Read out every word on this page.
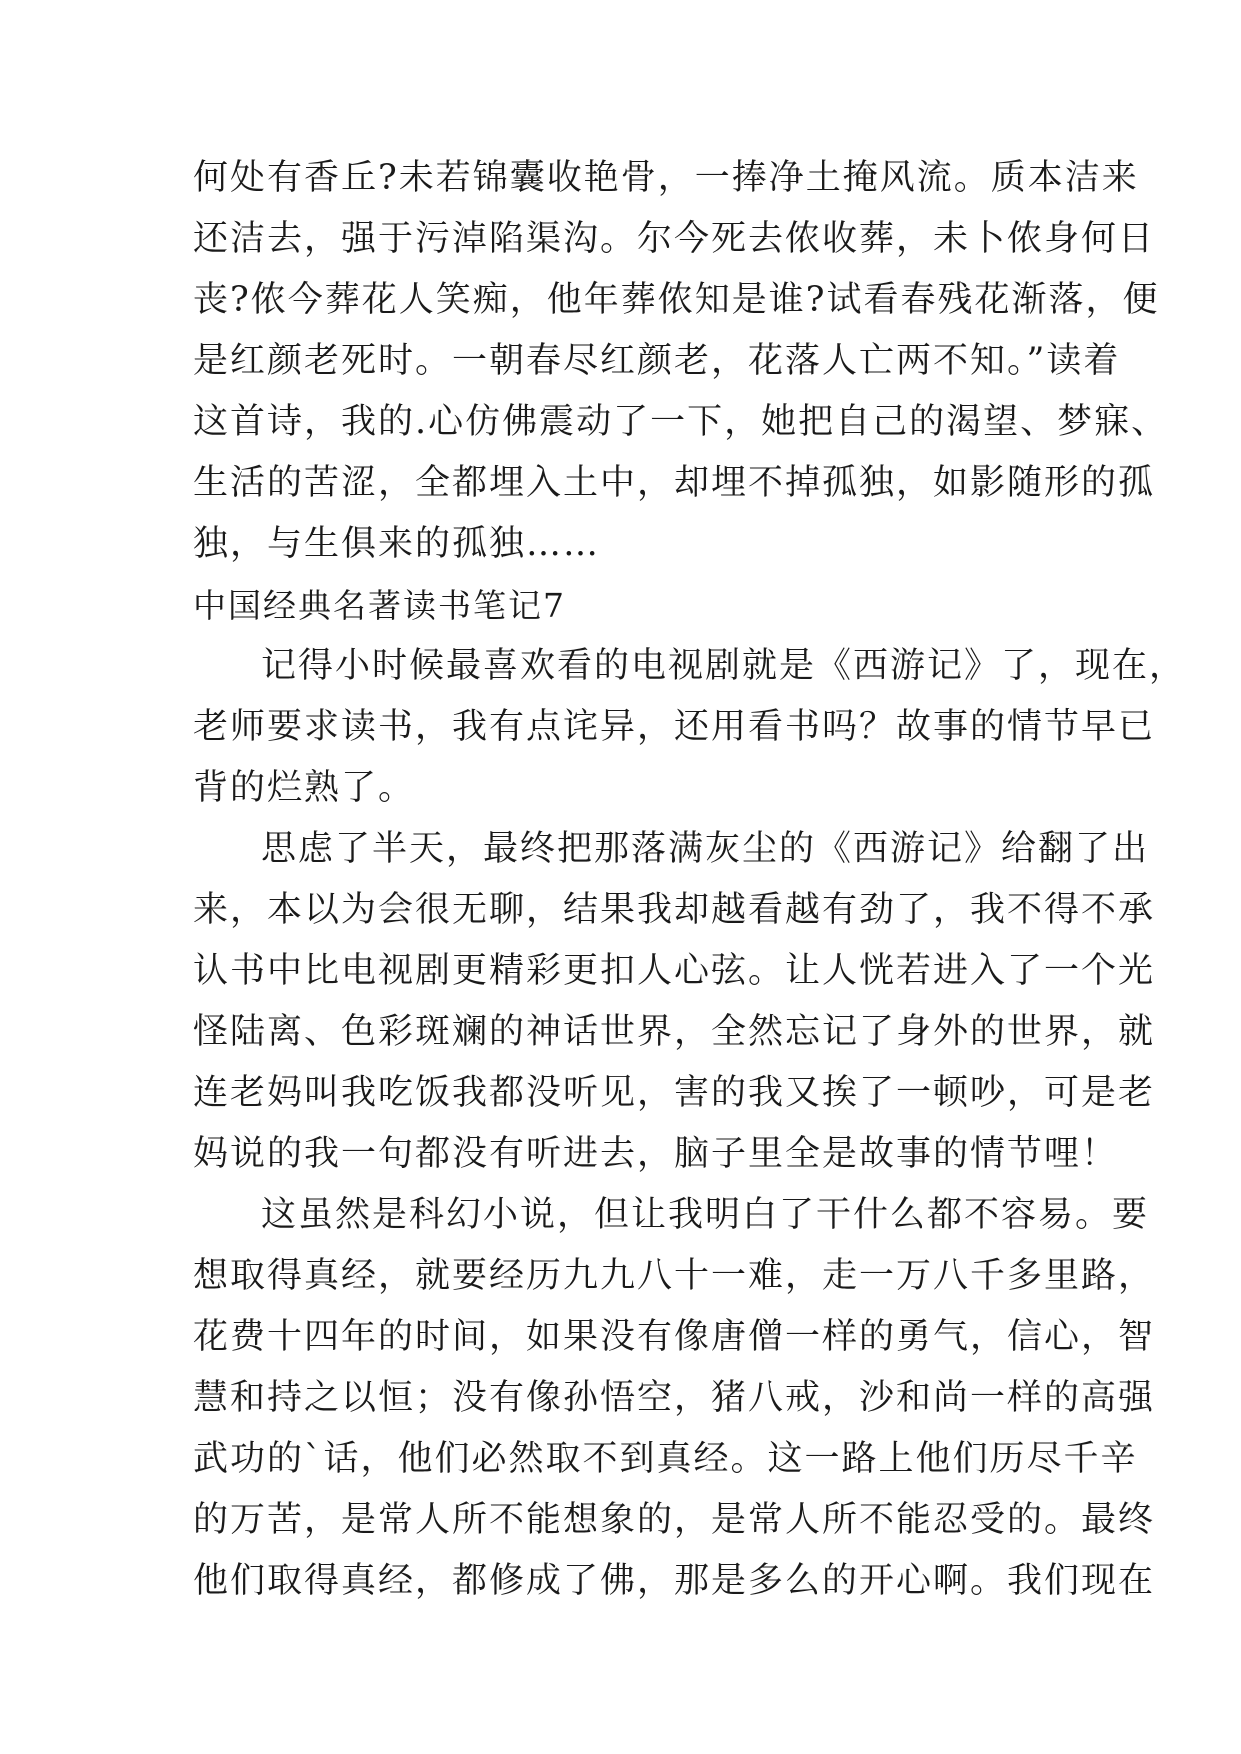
何处有香丘?未若锦囊收艳骨，一捧净土掩风流。质本洁来
还洁去，强于污淖陷渠沟。尔今死去侬收葬，未卜侬身何日
丧?侬今葬花人笑痴，他年葬侬知是谁?试看春残花渐落，便
是红颜老死时。一朝春尽红颜老，花落人亡两不知。”读着
这首诗，我的.心仿佛震动了一下，她把自己的渴望、梦寐、
生活的苦涩，全都埋入土中，却埋不掉孤独，如影随形的孤
独，与生俱来的孤独……
中国经典名著读书笔记7
记得小时候最喜欢看的电视剧就是《西游记》了，现在，
老师要求读书，我有点诧异，还用看书吗？故事的情节早已
背的烂熟了。
思虑了半天，最终把那落满灰尘的《西游记》给翻了出
来，本以为会很无聊，结果我却越看越有劲了，我不得不承
认书中比电视剧更精彩更扣人心弦。让人恍若进入了一个光
怪陆离、色彩斑斓的神话世界，全然忘记了身外的世界，就
连老妈叫我吃饭我都没听见，害的我又挨了一顿吵，可是老
妈说的我一句都没有听进去，脑子里全是故事的情节哩！
这虽然是科幻小说，但让我明白了干什么都不容易。要
想取得真经，就要经历九九八十一难，走一万八千多里路，
花费十四年的时间，如果没有像唐僧一样的勇气，信心，智
慧和持之以恒；没有像孙悟空，猪八戒，沙和尚一样的高强
武功的`话，他们必然取不到真经。这一路上他们历尽千辛
的万苦，是常人所不能想象的，是常人所不能忍受的。最终
他们取得真经，都修成了佛，那是多么的开心啊。我们现在
